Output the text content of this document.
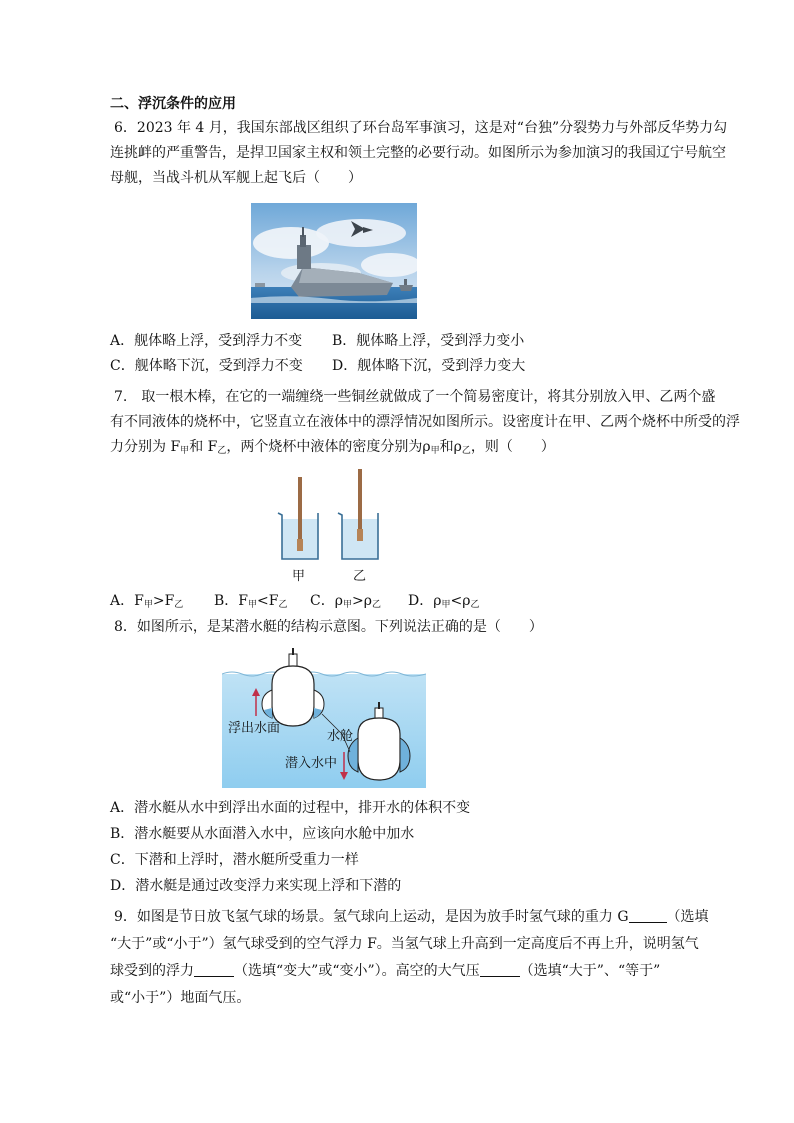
二、浮沉条件的应用
6．2023 年 4 月，我国东部战区组织了环台岛军事演习，这是对“台独”分裂势力与外部反华势力勾
连挑衅的严重警告，是捍卫国家主权和领土完整的必要行动。如图所示为参加演习的我国辽宁号航空
母舰，当战斗机从军舰上起飞后（　　）
A．舰体略上浮，受到浮力不变 B．舰体略上浮，受到浮力变小
C．舰体略下沉，受到浮力不变 D．舰体略下沉，受到浮力变大
7.　取一根木棒，在它的一端缠绕一些铜丝就做成了一个简易密度计，将其分别放入甲、乙两个盛
有不同液体的烧杯中，它竖直立在液体中的漂浮情况如图所示。设密度计在甲、乙两个烧杯中所受的浮
力分别为 $F_甲$和 $F_乙$，两个烧杯中液体的密度分别为$\rho_甲$和$\rho_乙$，则（　　）
甲	乙
A．$F_甲>F_乙$ B．$F_甲<F_乙$ C．$\rho_甲>\rho_乙$ D．$\rho_甲<\rho_乙$
8．如图所示，是某潜水艇的结构示意图。下列说法正确的是（　　）
浮出水面
水舱
潜入水中
A．潜水艇从水中到浮出水面的过程中，排开水的体积不变
B．潜水艇要从水面潜入水中，应该向水舱中加水
C．下潜和上浮时，潜水艇所受重力一样
D．潜水艇是通过改变浮力来实现上浮和下潜的
9．如图是节日放飞氢气球的场景。氢气球向上运动，是因为放手时氢气球的重力 G	（选填
“大于”或“小于”）氢气球受到的空气浮力 F。当氢气球上升高到一定高度后不再上升，说明氢气
球受到的浮力	（选填“变大”或“变小”）。高空的大气压	（选填“大于”、“等于”
或“小于”）地面气压。
